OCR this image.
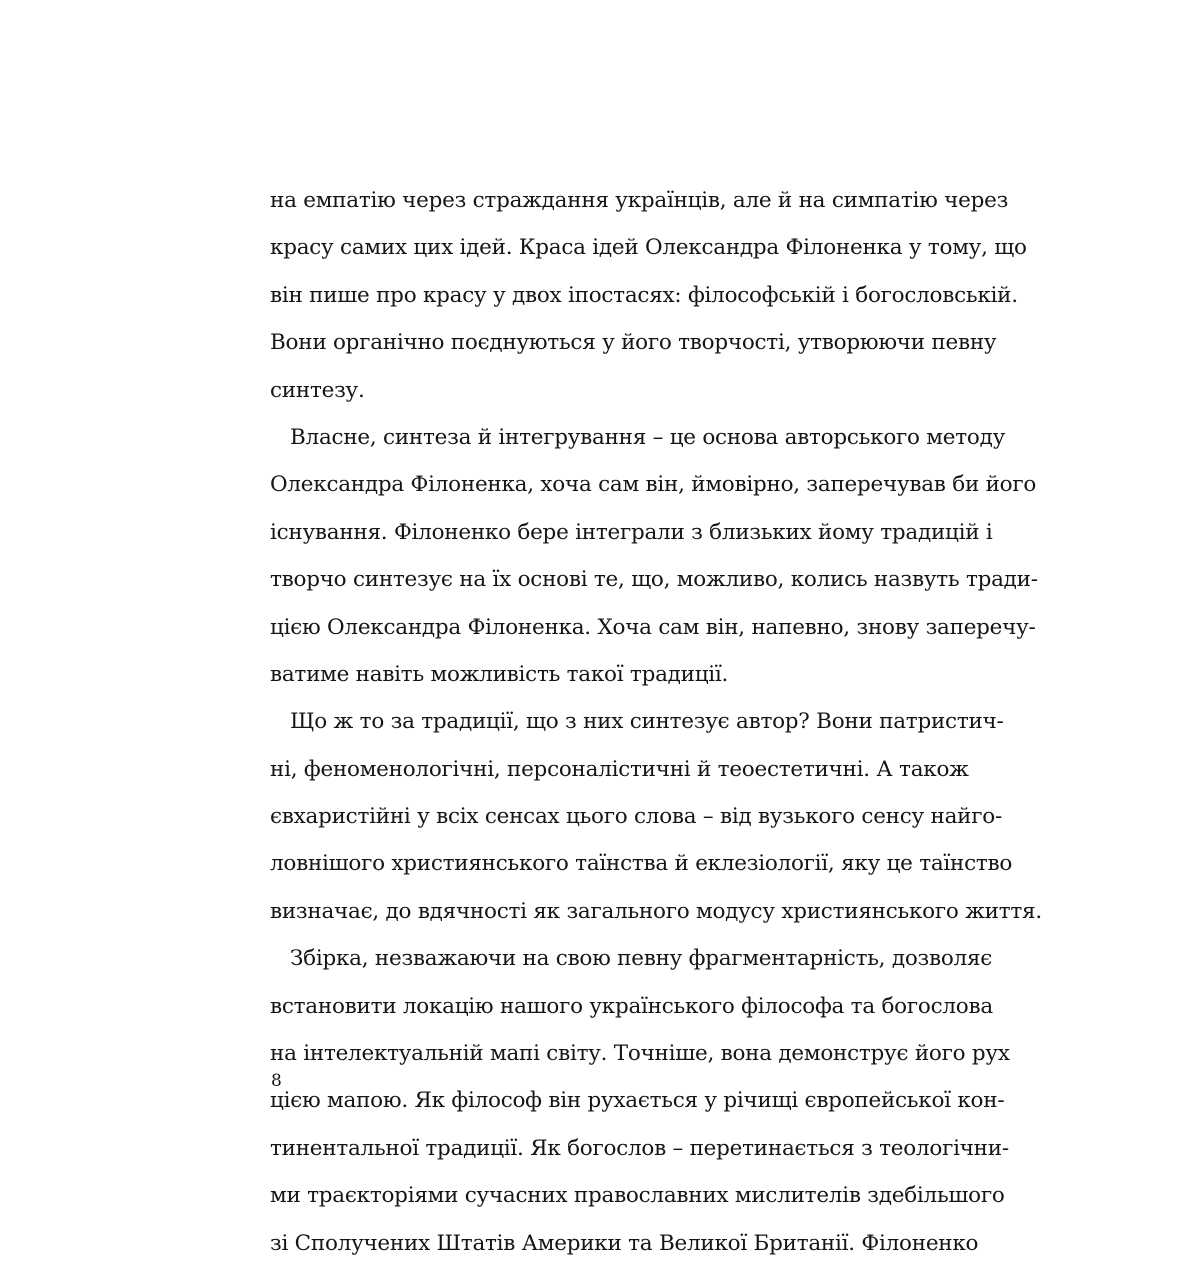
на емпатію через страждання українців, але й на симпатію через
красу самих цих ідей. Краса ідей Олександра Філоненка у тому, що
він пише про красу у двох іпостасях: філософській і богословській.
Вони органічно поєднуються у його творчості, утворюючи певну
синтезу.
Власне, синтеза й інтегрування – це основа авторського методу
Олександра Філоненка, хоча сам він, ймовірно, заперечував би його
існування. Філоненко бере інтеграли з близьких йому традицій і
творчо синтезує на їх основі те, що, можливо, колись назвуть тради-
цією Олександра Філоненка. Хоча сам він, напевно, знову заперечу-
ватиме навіть можливість такої традиції.
Що ж то за традиції, що з них синтезує автор? Вони патристич-
ні, феноменологічні, персоналістичні й теоестетичні. А також
євхаристійні у всіх сенсах цього слова – від вузького сенсу найго-
ловнішого християнського таїнства й еклезіології, яку це таїнство
визначає, до вдячності як загального модусу християнського життя.
Збірка, незважаючи на свою певну фрагментарність, дозволяє
встановити локацію нашого українського філософа та богослова
на інтелектуальній мапі світу. Точніше, вона демонструє його рух
цією мапою. Як філософ він рухається у річищі європейської кон-
тинентальної традиції. Як богослов – перетинається з теологічни-
ми траєкторіями сучасних православних мислителів здебільшого
зі Сполучених Штатів Америки та Великої Британії. Філоненко
8
